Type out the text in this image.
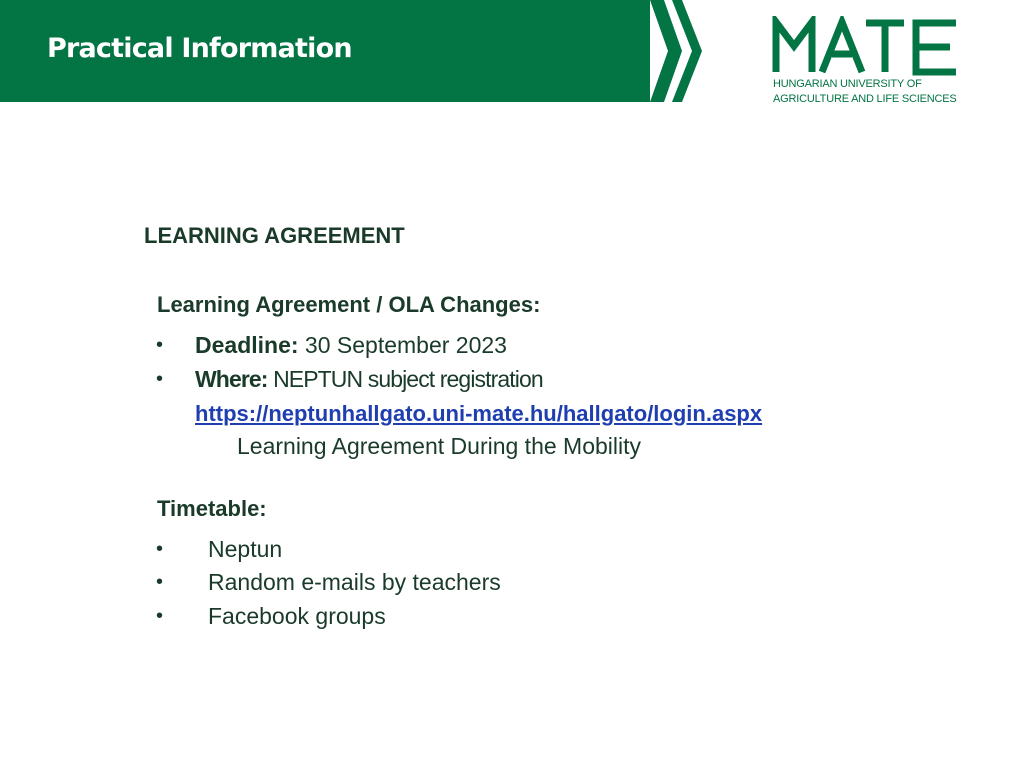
Practical Information
HUNGARIAN UNIVERSITY OF
AGRICULTURE AND LIFE SCIENCES
LEARNING AGREEMENT
Learning Agreement / OLA Changes:
• Deadline: 30 September 2023
• Where: NEPTUN subject registration
https://neptunhallgato.uni-mate.hu/hallgato/login.aspx
Learning Agreement During the Mobility
Timetable:
• Neptun
• Random e-mails by teachers
• Facebook groups
